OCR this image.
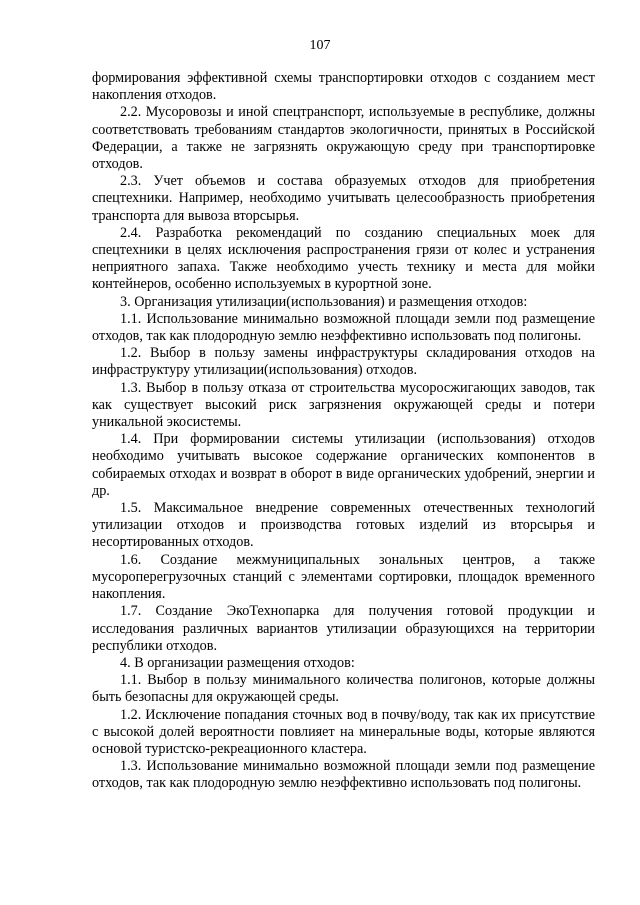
107

формирования эффективной схемы транспортировки отходов с созданием мест накопления отходов.

2.2. Мусоровозы и иной спецтранспорт, используемые в республике, должны соответствовать требованиям стандартов экологичности, принятых в Российской Федерации, а также не загрязнять окружающую среду при транспортировке отходов.

2.3. Учет объемов и состава образуемых отходов для приобретения спецтехники. Например, необходимо учитывать целесообразность приобретения транспорта для вывоза вторсырья.

2.4. Разработка рекомендаций по созданию специальных моек для спецтехники в целях исключения распространения грязи от колес и устранения неприятного запаха. Также необходимо учесть технику и места для мойки контейнеров, особенно используемых в курортной зоне.

3. Организация утилизации(использования) и размещения отходов:

1.1. Использование минимально возможной площади земли под размещение отходов, так как плодородную землю неэффективно использовать под полигоны.

1.2. Выбор в пользу замены инфраструктуры складирования отходов на инфраструктуру утилизации(использования) отходов.

1.3. Выбор в пользу отказа от строительства мусоросжигающих заводов, так как существует высокий риск загрязнения окружающей среды и потери уникальной экосистемы.

1.4. При формировании системы утилизации (использования) отходов необходимо учитывать высокое содержание органических компонентов в собираемых отходах и возврат в оборот в виде органических удобрений, энергии и др.

1.5. Максимальное внедрение современных отечественных технологий утилизации отходов и производства готовых изделий из вторсырья и несортированных отходов.

1.6. Создание межмуниципальных зональных центров, а также мусороперегрузочных станций с элементами сортировки, площадок временного накопления.

1.7. Создание ЭкоТехнопарка для получения готовой продукции и исследования различных вариантов утилизации образующихся на территории республики отходов.

4. В организации размещения отходов:

1.1. Выбор в пользу минимального количества полигонов, которые должны быть безопасны для окружающей среды.

1.2. Исключение попадания сточных вод в почву/воду, так как их присутствие с высокой долей вероятности повлияет на минеральные воды, которые являются основой туристско-рекреационного кластера.

1.3. Использование минимально возможной площади земли под размещение отходов, так как плодородную землю неэффективно использовать под полигоны.
